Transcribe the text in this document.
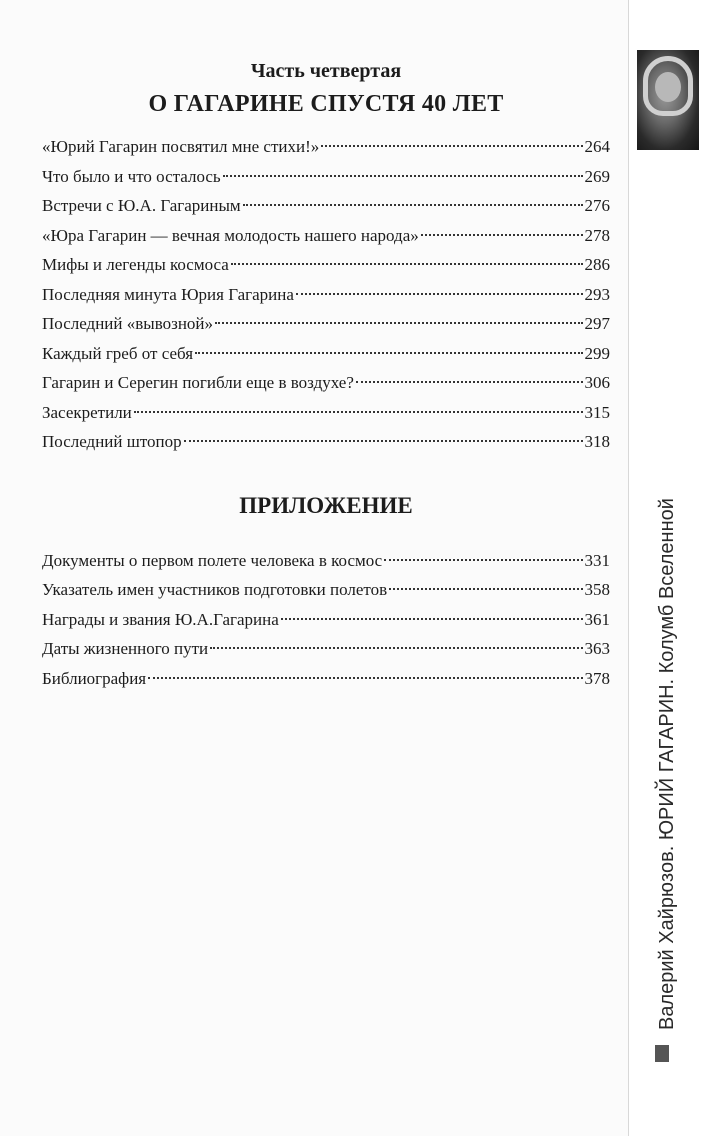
Часть четвертая
О ГАГАРИНЕ СПУСТЯ 40 ЛЕТ
«Юрий Гагарин посвятил мне стихи!»	264
Что было и что осталось	269
Встречи с Ю.А. Гагариным	276
«Юра Гагарин — вечная молодость нашего народа»	278
Мифы и легенды космоса	286
Последняя минута Юрия Гагарина	293
Последний «вывозной»	297
Каждый греб от себя	299
Гагарин и Серегин погибли еще в воздухе?	306
Засекретили	315
Последний штопор	318
ПРИЛОЖЕНИЕ
Документы о первом полете человека в космос	331
Указатель имен участников подготовки полетов	358
Награды и звания Ю.А.Гагарина	361
Даты жизненного пути	363
Библиография	378 Валерий Хайрюзов. ЮРИЙ ГАГАРИН. Колумб Вселенной
